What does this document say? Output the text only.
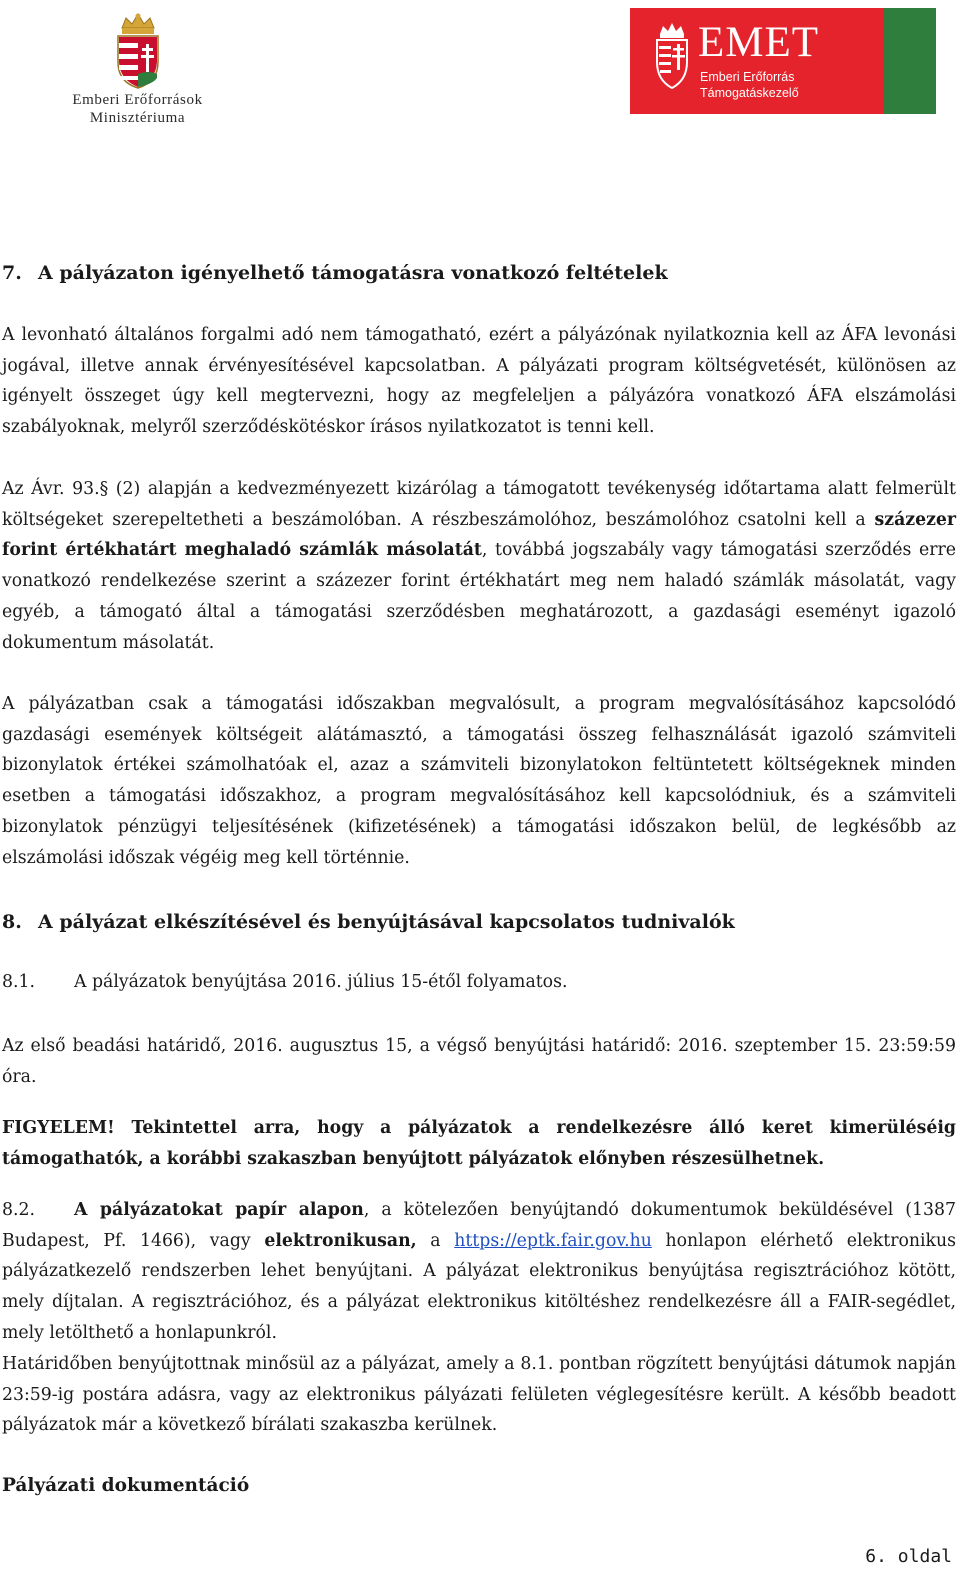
Emberi Erőforrások
Minisztériuma
EMET
Emberi Erőforrás
Támogatáskezelő
7. A pályázaton igényelhető támogatásra vonatkozó feltételek

A levonható általános forgalmi adó nem támogatható, ezért a pályázónak nyilatkoznia kell az ÁFA levonási jogával, illetve annak érvényesítésével kapcsolatban. A pályázati program költségvetését, különösen az igényelt összeget úgy kell megtervezni, hogy az megfeleljen a pályázóra vonatkozó ÁFA elszámolási szabályoknak, melyről szerződéskötéskor írásos nyilatkozatot is tenni kell.

Az Ávr. 93.§ (2) alapján a kedvezményezett kizárólag a támogatott tevékenység időtartama alatt felmerült költségeket szerepeltetheti a beszámolóban. A részbeszámolóhoz, beszámolóhoz csatolni kell a százezer forint értékhatárt meghaladó számlák másolatát, továbbá jogszabály vagy támogatási szerződés erre vonatkozó rendelkezése szerint a százezer forint értékhatárt meg nem haladó számlák másolatát, vagy egyéb, a támogató által a támogatási szerződésben meghatározott, a gazdasági eseményt igazoló dokumentum másolatát.

A pályázatban csak a támogatási időszakban megvalósult, a program megvalósításához kapcsolódó gazdasági események költségeit alátámasztó, a támogatási összeg felhasználását igazoló számviteli bizonylatok értékei számolhatóak el, azaz a számviteli bizonylatokon feltüntetett költségeknek minden esetben a támogatási időszakhoz, a program megvalósításához kell kapcsolódniuk, és a számviteli bizonylatok pénzügyi teljesítésének (kifizetésének) a támogatási időszakon belül, de legkésőbb az elszámolási időszak végéig meg kell történnie.

8. A pályázat elkészítésével és benyújtásával kapcsolatos tudnivalók
8.1. A pályázatok benyújtása 2016. július 15-étől folyamatos.

Az első beadási határidő, 2016. augusztus 15, a végső benyújtási határidő: 2016. szeptember 15. 23:59:59 óra.

FIGYELEM! Tekintettel arra, hogy a pályázatok a rendelkezésre álló keret kimerüléséig támogathatók, a korábbi szakaszban benyújtott pályázatok előnyben részesülhetnek.

8.2. A pályázatokat papír alapon, a kötelezően benyújtandó dokumentumok beküldésével (1387 Budapest, Pf. 1466), vagy elektronikusan, a https://eptk.fair.gov.hu honlapon elérhető elektronikus pályázatkezelő rendszerben lehet benyújtani. A pályázat elektronikus benyújtása regisztrációhoz kötött, mely díjtalan. A regisztrációhoz, és a pályázat elektronikus kitöltéshez rendelkezésre áll a FAIR-segédlet, mely letölthető a honlapunkról.

Határidőben benyújtottnak minősül az a pályázat, amely a 8.1. pontban rögzített benyújtási dátumok napján 23:59-ig postára adásra, vagy az elektronikus pályázati felületen véglegesítésre került. A később beadott pályázatok már a következő bírálati szakaszba kerülnek.

Pályázati dokumentáció
6. oldal
